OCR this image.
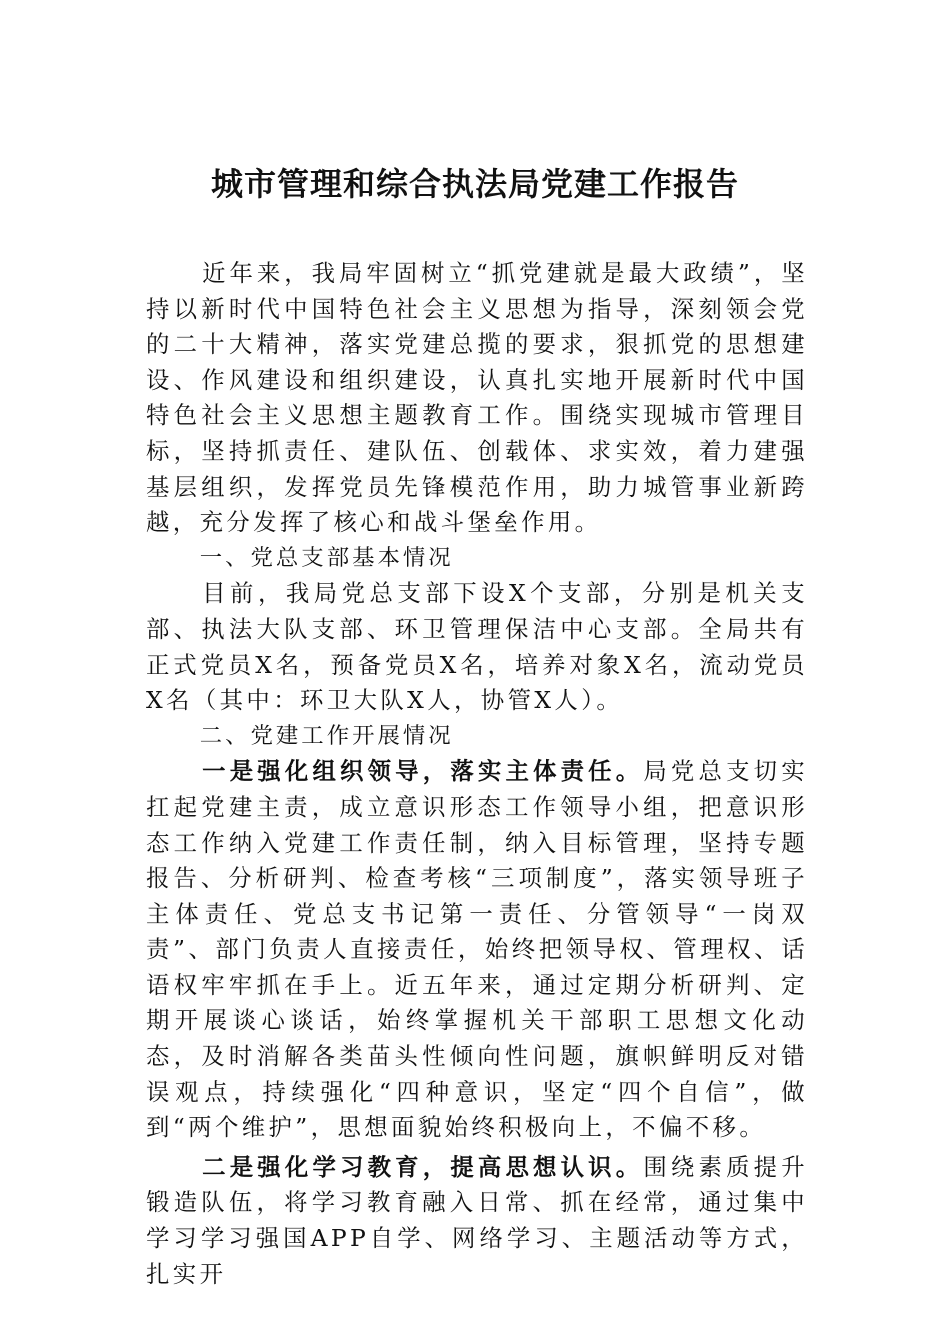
城市管理和综合执法局党建工作报告

近年来，我局牢固树立“抓党建就是最大政绩”，坚持以新时代中国特色社会主义思想为指导，深刻领会党的二十大精神，落实党建总揽的要求，狠抓党的思想建设、作风建设和组织建设，认真扎实地开展新时代中国特色社会主义思想主题教育工作。围绕实现城市管理目标，坚持抓责任、建队伍、创载体、求实效，着力建强基层组织，发挥党员先锋模范作用，助力城管事业新跨越，充分发挥了核心和战斗堡垒作用。

一、党总支部基本情况

目前，我局党总支部下设X个支部，分别是机关支部、执法大队支部、环卫管理保洁中心支部。全局共有正式党员X名，预备党员X名，培养对象X名，流动党员X名（其中：环卫大队X人，协管X人）。

二、党建工作开展情况

一是强化组织领导，落实主体责任。局党总支切实扛起党建主责，成立意识形态工作领导小组，把意识形态工作纳入党建工作责任制，纳入目标管理，坚持专题报告、分析研判、检查考核“三项制度”，落实领导班子主体责任、党总支书记第一责任、分管领导“一岗双责”、部门负责人直接责任，始终把领导权、管理权、话语权牢牢抓在手上。近五年来，通过定期分析研判、定期开展谈心谈话，始终掌握机关干部职工思想文化动态，及时消解各类苗头性倾向性问题，旗帜鲜明反对错误观点，持续强化“四种意识，坚定“四个自信”，做到“两个维护”，思想面貌始终积极向上，不偏不移。

二是强化学习教育，提高思想认识。围绕素质提升锻造队伍，将学习教育融入日常、抓在经常，通过集中学习学习强国APP自学、网络学习、主题活动等方式，扎实开
